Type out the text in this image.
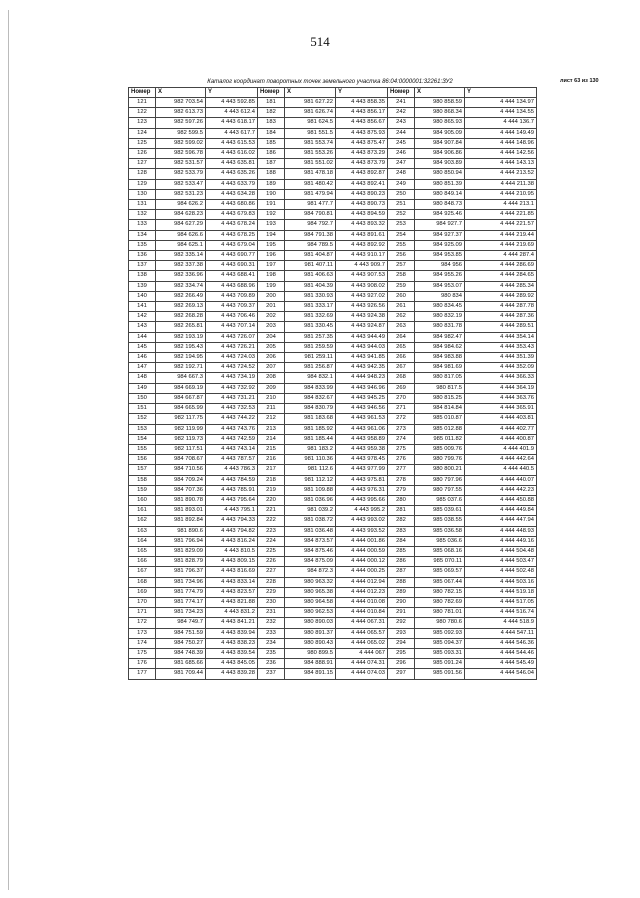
514
Каталог координат поворотных точек земельного участка 86:04:0000001:32261:ЗУ2	лист 63 из 130
Номер	X	Y	Номер	X	Y	Номер	X	Y
121	982 703.54	4 443 592.85	181	981 627.22	4 443 858.35	241	980 858.59	4 444 134.97
122	982 613.73	4 443 612.4	182	981 626.74	4 443 856.17	242	980 868.34	4 444 134.55
123	982 597.26	4 443 618.17	183	981 624.5	4 443 856.67	243	980 865.93	4 444 136.7
124	982 599.5	4 443 617.7	184	981 551.5	4 443 875.93	244	984 905.09	4 444 149.49
125	982 599.02	4 443 615.53	185	981 553.74	4 443 875.47	245	984 907.84	4 444 148.96
126	982 596.78	4 443 616.02	186	981 553.26	4 443 873.29	246	984 906.86	4 444 142.56
127	982 531.57	4 443 635.81	187	981 551.02	4 443 873.79	247	984 903.89	4 444 143.13
128	982 533.79	4 443 635.26	188	981 478.18	4 443 892.87	248	980 850.94	4 444 213.52
129	982 533.47	4 443 633.79	189	981 480.42	4 443 892.41	249	980 851.39	4 444 211.38
130	982 531.23	4 443 634.28	190	981 479.94	4 443 890.23	250	980 849.14	4 444 210.95
131	984 626.2	4 443 680.86	191	981 477.7	4 443 890.73	251	980 848.73	4 444 213.1
132	984 628.23	4 443 679.83	192	984 790.81	4 443 894.59	252	984 925.46	4 444 221.85
133	984 627.29	4 443 678.24	193	984 792.7	4 443 893.32	253	984 927.7	4 444 221.57
134	984 626.6	4 443 678.25	194	984 791.38	4 443 891.61	254	984 927.37	4 444 219.44
135	984 625.1	4 443 679.04	195	984 789.5	4 443 892.92	255	984 925.09	4 444 219.69
136	982 335.14	4 443 690.77	196	981 404.87	4 443 910.17	256	984 953.85	4 444 287.4
137	982 337.38	4 443 690.31	197	981 407.11	4 443 909.7	257	984 956	4 444 286.69
138	982 336.96	4 443 688.41	198	981 406.63	4 443 907.53	258	984 955.26	4 444 284.65
139	982 334.74	4 443 688.96	199	981 404.39	4 443 908.02	259	984 953.07	4 444 285.34
140	982 266.49	4 443 709.89	200	981 330.93	4 443 927.02	260	980 834	4 444 289.92
141	982 269.13	4 443 709.37	201	981 333.17	4 443 926.56	261	980 834.45	4 444 287.78
142	982 268.28	4 443 706.46	202	981 332.69	4 443 924.38	262	980 832.19	4 444 287.36
143	982 265.81	4 443 707.14	203	981 330.45	4 443 924.87	263	980 831.78	4 444 289.51
144	982 193.19	4 443 726.07	204	981 257.35	4 443 944.49	264	984 982.47	4 444 354.14
145	982 195.43	4 443 726.21	205	981 259.59	4 443 944.03	265	984 984.62	4 444 353.43
146	982 194.95	4 443 724.03	206	981 259.11	4 443 941.85	266	984 983.88	4 444 351.39
147	982 192.71	4 443 724.52	207	981 256.87	4 443 942.35	267	984 981.69	4 444 352.09
148	984 667.3	4 443 734.19	208	984 832.1	4 444 948.23	268	980 817.05	4 444 366.33
149	984 669.19	4 443 732.92	209	984 833.99	4 443 946.96	269	980 817.5	4 444 364.19
150	984 667.87	4 443 731.21	210	984 832.67	4 443 945.25	270	980 815.25	4 444 363.76
151	984 665.99	4 443 732.53	211	984 830.79	4 443 946.56	271	984 814.84	4 444 365.91
152	982 117.75	4 443 744.22	212	981 183.68	4 443 961.53	272	985 010.87	4 444 403.81
153	982 119.99	4 443 743.76	213	981 185.92	4 443 961.06	273	985 012.88	4 444 402.77
154	982 119.73	4 443 742.59	214	981 185.44	4 443 958.89	274	985 011.82	4 444 400.87
155	982 117.51	4 443 743.14	215	981 183.2	4 443 959.38	275	985 009.76	4 444 401.9
156	984 708.67	4 443 787.57	216	981 110.36	4 443 978.45	276	980 799.76	4 444 442.64
157	984 710.56	4 443 786.3	217	981 112.6	4 443 977.99	277	980 800.21	4 444 440.5
158	984 709.24	4 443 784.59	218	981 112.12	4 443 975.81	278	980 797.96	4 444 440.07
159	984 707.36	4 443 785.91	219	981 109.88	4 443 976.31	279	980 797.55	4 444 442.23
160	981 890.78	4 443 795.64	220	981 036.96	4 443 995.66	280	985 037.6	4 444 450.88
161	981 893.01	4 443 795.1	221	981 039.2	4 443 995.2	281	985 039.61	4 444 449.84
162	981 892.84	4 443 794.33	222	981 038.72	4 443 993.02	282	985 038.55	4 444 447.94
163	981 890.6	4 443 794.82	223	981 036.48	4 443 993.52	283	985 036.58	4 444 448.93
164	981 796.94	4 443 816.24	224	984 873.57	4 444 001.86	284	985 036.6	4 444 449.16
165	981 829.09	4 443 810.5	225	984 875.46	4 444 000.59	285	985 068.16	4 444 504.48
166	981 828.79	4 443 809.15	226	984 875.09	4 444 000.12	286	985 070.11	4 444 503.47
167	981 796.37	4 443 816.69	227	984 872.3	4 444 000.25	287	985 069.57	4 444 502.48
168	981 734.96	4 443 833.14	228	980 963.32	4 444 012.94	288	985 067.44	4 444 503.16
169	981 774.79	4 443 823.57	229	980 965.38	4 444 012.23	289	980 782.15	4 444 519.18
170	981 774.17	4 443 821.88	230	980 964.58	4 444 010.08	290	980 782.69	4 444 517.05
171	981 734.23	4 443 831.2	231	980 962.53	4 444 010.84	291	980 781.01	4 444 516.74
172	984 749.7	4 443 841.21	232	980 890.03	4 444 067.31	292	980 780.6	4 444 518.9
173	984 751.59	4 443 839.94	233	980 891.37	4 444 065.57	293	985 092.93	4 444 547.11
174	984 750.27	4 443 838.23	234	980 890.43	4 444 065.02	294	985 094.37	4 444 546.36
175	984 748.39	4 443 839.54	235	980 899.5	4 444 067	295	985 093.31	4 444 544.46
176	981 685.66	4 443 845.05	236	984 888.91	4 444 074.31	296	985 091.24	4 444 545.49
177	981 709.44	4 443 839.28	237	984 891.15	4 444 074.03	297	985 091.56	4 444 546.04
